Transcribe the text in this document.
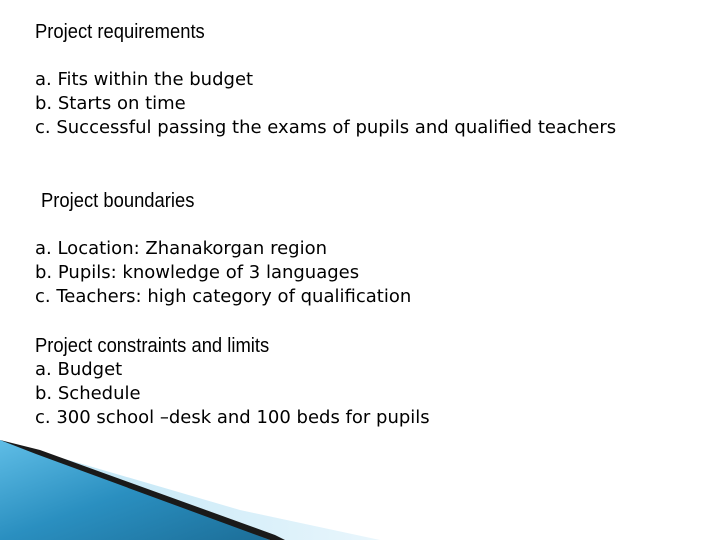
Project requirements
a. Fits within the budget
b. Starts on time
c. Successful passing the exams of pupils and qualified teachers
Project boundaries
a. Location: Zhanakorgan region
b. Pupils: knowledge of 3 languages
c. Teachers: high category of qualification
Project constraints and limits
a. Budget
b. Schedule
c. 300 school –desk and 100 beds for pupils
